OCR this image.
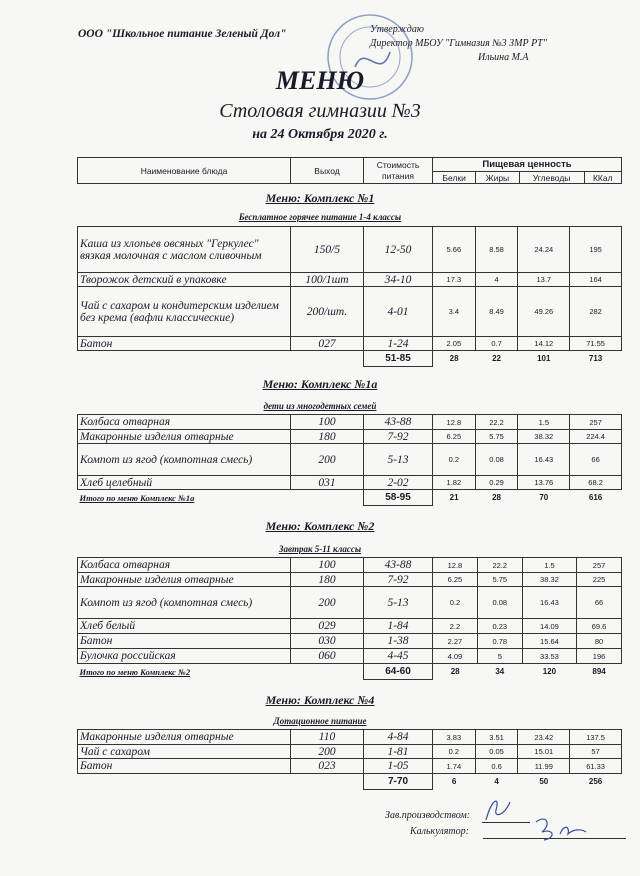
ООО "Школьное питание Зеленый Дол"	Утверждаю
Директор МБОУ "Гимназия №3 ЗМР РТ"
Ильина М.А
МЕНЮ
Столовая гимназии №3
на 24 Октября 2020 г.
Наименование блюда	Выход	Стоимость питания	Пищевая ценность			
			Белки	Жиры	Углеводы	ККал
Меню: Комплекс №1
Бесплатное горячее питание 1-4 классы
Каша из хлопьев овсяных "Геркулес" вязкая молочная с маслом сливочным	150/5	12-50	5.66	8.58	24.24	195
Творожок детский в упаковке	100/1шт	34-10	17.3	4	13.7	164
Чай с сахаром и кондитерским изделием без крема (вафли классические)	200/шт.	4-01	3.4	8.49	49.26	282
Батон	027	1-24	2.05	0.7	14.12	71.55
		51-85	28	22	101	713
Меню: Комплекс №1а
дети из многодетных семей
Колбаса отварная	100	43-88	12.8	22.2	1.5	257
Макаронные изделия отварные	180	7-92	6.25	5.75	38.32	224.4
Компот из ягод (компотная смесь)	200	5-13	0.2	0.08	16.43	66
Хлеб целебный	031	2-02	1.82	0.29	13.76	68.2
Итого по меню Комплекс №1а		58-95	21	28	70	616
Меню: Комплекс №2
Завтрак 5-11 классы
Колбаса отварная	100	43-88	12.8	22.2	1.5	257
Макаронные изделия отварные	180	7-92	6.25	5.75	38.32	225
Компот из ягод (компотная смесь)	200	5-13	0.2	0.08	16.43	66
Хлеб белый	029	1-84	2.2	0.23	14.09	69.6
Батон	030	1-38	2.27	0.78	15.64	80
Булочка российская	060	4-45	4.09	5	33.53	196
Итого по меню Комплекс №2		64-60	28	34	120	894
Меню: Комплекс №4
Дотационное питание
Макаронные изделия отварные	110	4-84	3.83	3.51	23.42	137.5
Чай с сахаром	200	1-81	0.2	0.05	15.01	57
Батон	023	1-05	1.74	0.6	11.99	61.33
		7-70	6	4	50	256
Зав.производством:
Калькулятор:
